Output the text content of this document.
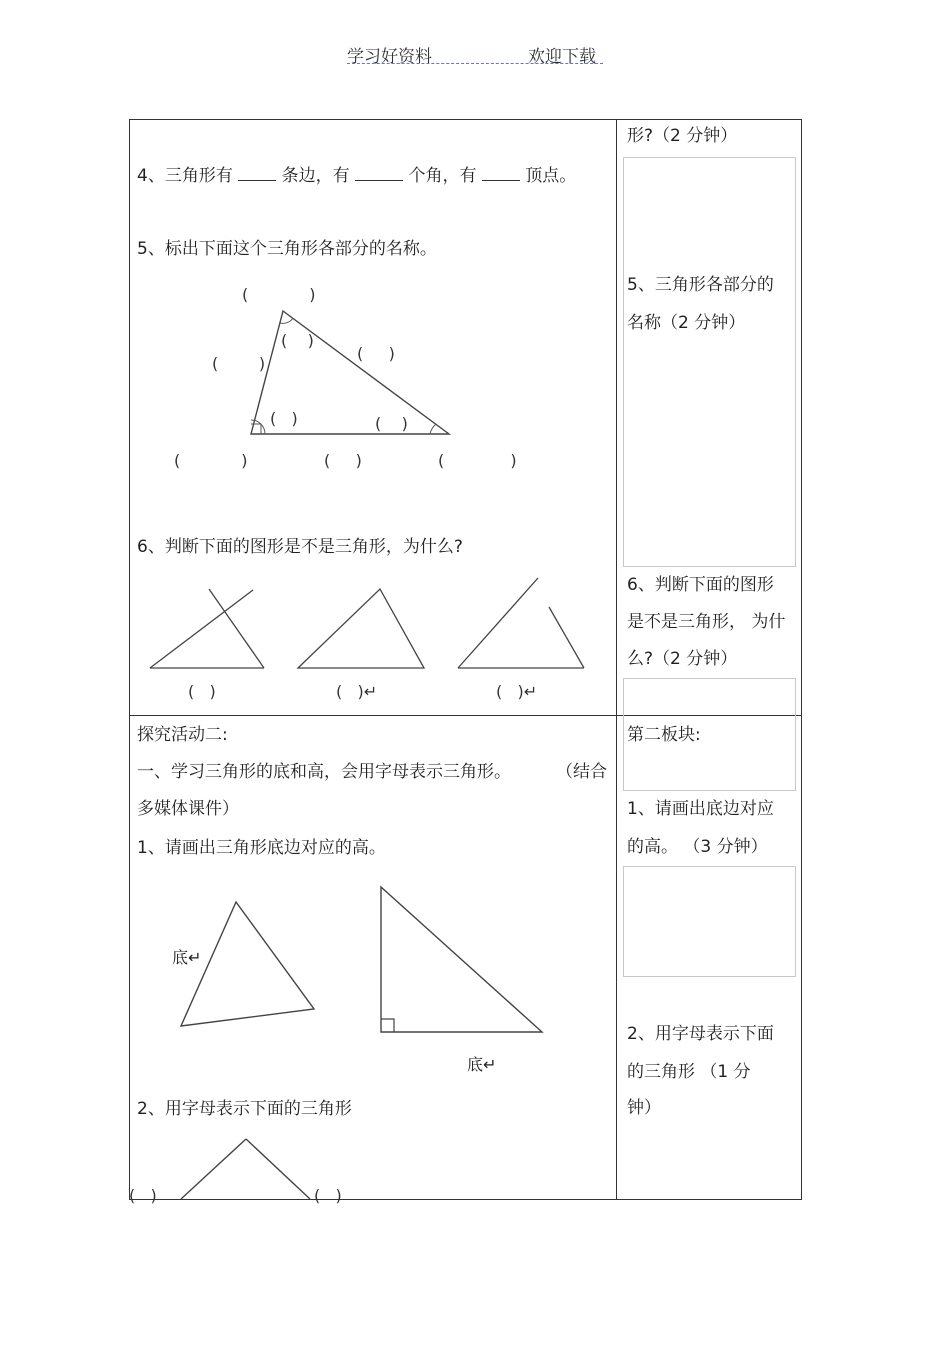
学习好资料	欢迎下载
4、三角形有	条边，有	个角，有	顶点。
5、标出下面这个三角形各部分的名称。
(            )
(    )
(     )
(        )
(   )	(    )
(            )	(     )	(             )
6、判断下面的图形是不是三角形，为什么?
(   )	(   )↵	(   )↵
探究活动二:
一、学习三角形的底和高，会用字母表示三角形。	（结合
多媒体课件）
1、请画出三角形底边对应的高。
底↵
底↵
2、用字母表示下面的三角形
(   )	(   )
形?（2 分钟）
5、三角形各部分的
名称（2 分钟）
6、判断下面的图形
是不是三角形， 为什
么?（2 分钟）
第二板块:
1、请画出底边对应
的高。 （3 分钟）
2、用字母表示下面
的三角形 （1 分
钟）
